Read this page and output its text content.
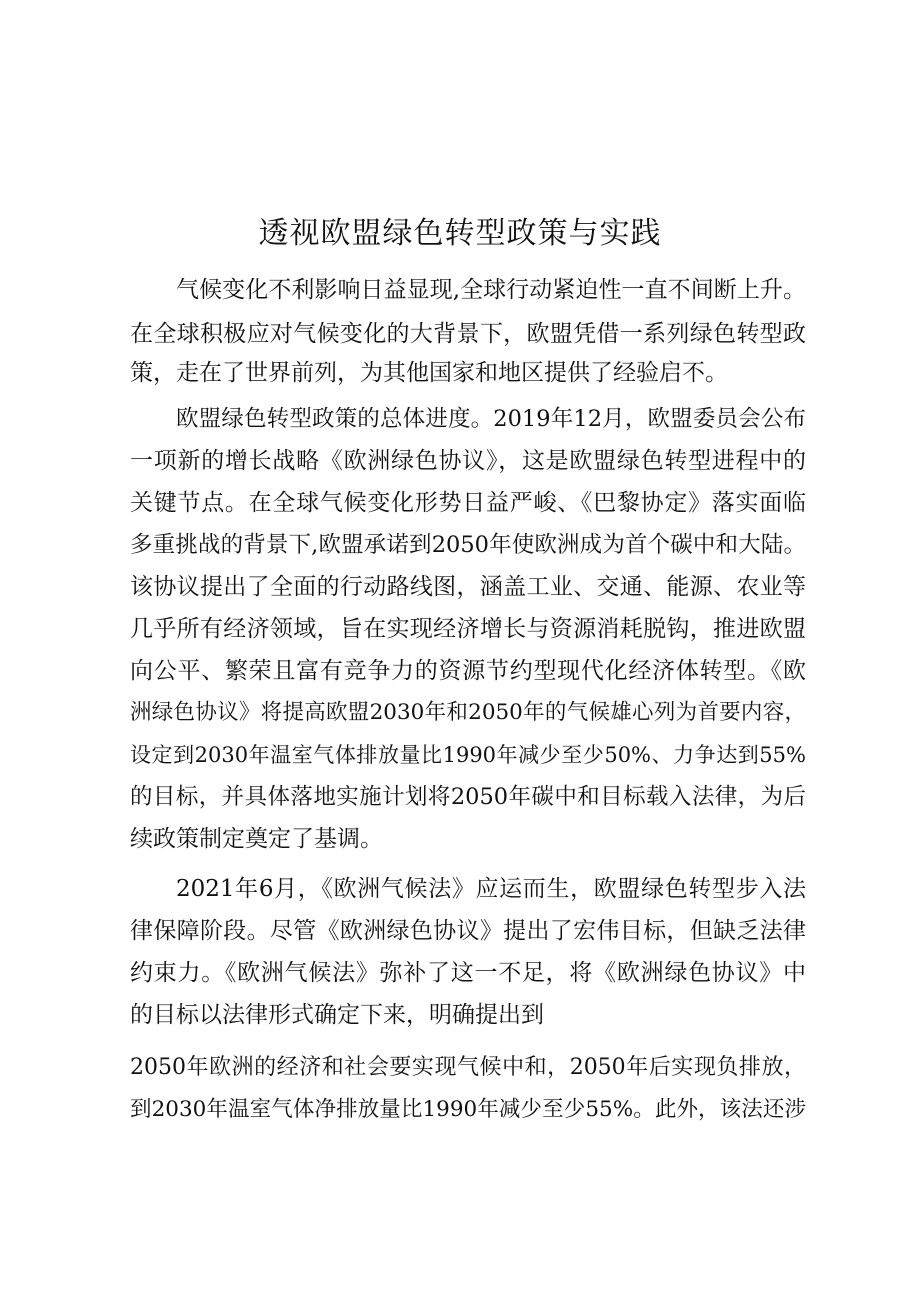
透视欧盟绿色转型政策与实践
气候变化不利影响日益显现,全球行动紧迫性一直不间断上升。
在全球积极应对气候变化的大背景下，欧盟凭借一系列绿色转型政
策，走在了世界前列，为其他国家和地区提供了经验启不。
欧盟绿色转型政策的总体进度。2019年12月，欧盟委员会公布
一项新的增长战略《欧洲绿色协议》，这是欧盟绿色转型进程中的
关键节点。在全球气候变化形势日益严峻、《巴黎协定》落实面临
多重挑战的背景下,欧盟承诺到2050年使欧洲成为首个碳中和大陆。
该协议提出了全面的行动路线图，涵盖工业、交通、能源、农业等
几乎所有经济领域，旨在实现经济增长与资源消耗脱钩，推进欧盟
向公平、繁荣且富有竞争力的资源节约型现代化经济体转型。《欧
洲绿色协议》将提高欧盟2030年和2050年的气候雄心列为首要内容，
设定到2030年温室气体排放量比1990年减少至少50%、力争达到55%
的目标，并具体落地实施计划将2050年碳中和目标载入法律，为后
续政策制定奠定了基调。
2021年6月，《欧洲气候法》应运而生，欧盟绿色转型步入法
律保障阶段。尽管《欧洲绿色协议》提出了宏伟目标，但缺乏法律
约束力。《欧洲气候法》弥补了这一不足，将《欧洲绿色协议》中
的目标以法律形式确定下来，明确提出到
2050年欧洲的经济和社会要实现气候中和，2050年后实现负排放，
到2030年温室气体净排放量比1990年减少至少55%。此外，该法还涉
